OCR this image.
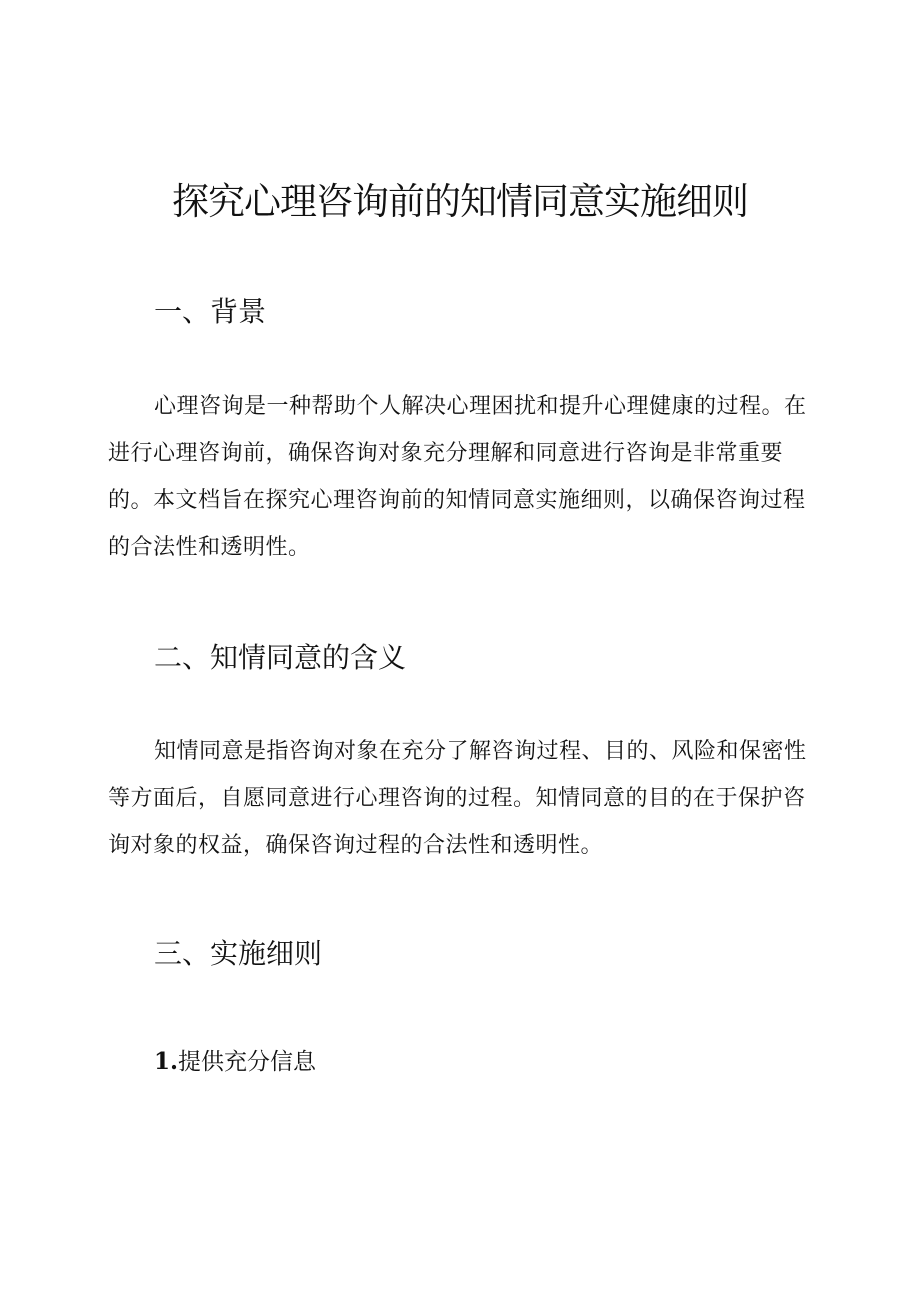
探究心理咨询前的知情同意实施细则
一、背景

心理咨询是一种帮助个人解决心理困扰和提升心理健康的过程。在进行心理咨询前，确保咨询对象充分理解和同意进行咨询是非常重要的。本文档旨在探究心理咨询前的知情同意实施细则，以确保咨询过程的合法性和透明性。

二、知情同意的含义

知情同意是指咨询对象在充分了解咨询过程、目的、风险和保密性等方面后，自愿同意进行心理咨询的过程。知情同意的目的在于保护咨询对象的权益，确保咨询过程的合法性和透明性。

三、实施细则
1.提供充分信息
